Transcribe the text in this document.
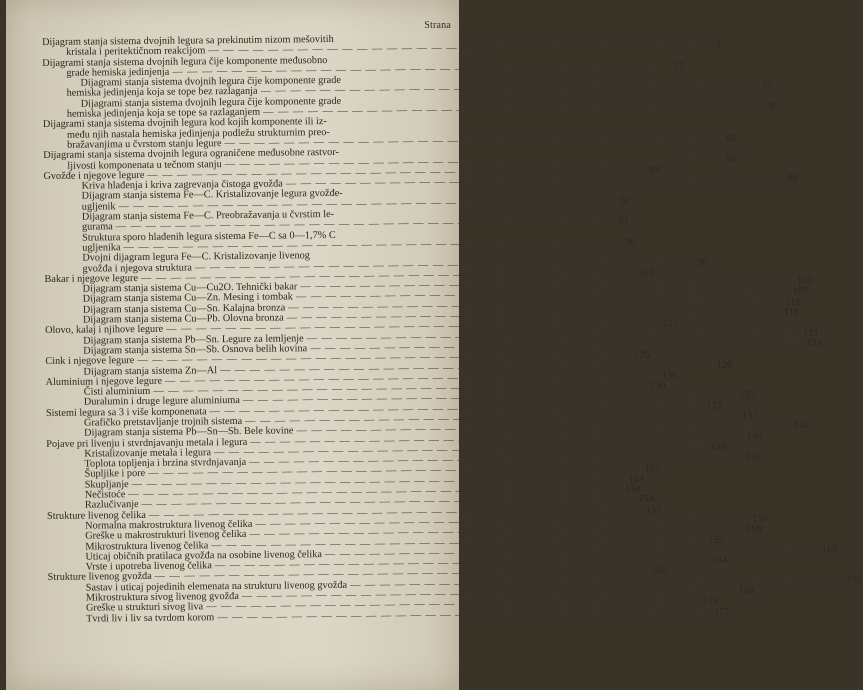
Strana
Dijagram stanja sistema dvojnih legura sa prekinutim nizom mešovitih
kristala i peritektičnom reakcijom — — —	73
Dijagrami stanja sistema dvojnih legura čije komponente međusobno
grade hemiska jedinjenja — — —	75
Dijagrami stanja sistema dvojnih legura čije komponente grade
hemiska jedinjenja koja se tope bez razlaganja — — —	75
Dijagrami stanja sistema dvojnih legura čije komponente grade
hemiska jedinjenja koja se tope sa razlaganjem — — —	78
Dijagrami stanja sistema dvojnih legura kod kojih komponente ili iz-
među njih nastala hemiska jedinjenja podležu strukturnim preo-
bražavanjima u čvrstom stanju legure — — —	82
Dijagrami stanja sistema dvojnih legura ograničene međusobne rastvor-
ljivosti komponenata u tečnom stanju — — —	86
Gvožđe i njegove legure — — —	89
Kriva hlađenja i kriva zagrevanja čistoga gvožđa — — —	89
Dijagram stanja sistema Fe—C. Kristalizovanje legura gvožđe-
ugljenik — — —	92
Dijagram stanja sistema Fe—C. Preobražavanja u čvrstim le-
gurama — — —	93
Struktura sporo hlađenih legura sistema Fe—C sa 0—1,7% C
ugljenika — — —	96
Dvojni dijagram legura Fe—C. Kristalizovanje livenog
gvožđa i njegova struktura — — —	98
Bakar i njegove legure — — —	103
Dijagram stanja sistema Cu—Cu2O. Tehnički bakar — — —	103
Dijagram stanja sistema Cu—Zn. Mesing i tombak — — —	107
Dijagram stanja sistema Cu—Sn. Kalajna bronza — — —	112
Dijagram stanja sistema Cu—Pb. Olovna bronza — — —	118
Olovo, kalaj i njihove legure — — —	121
Dijagram stanja sistema Pb—Sn. Legure za lemljenje — — —	121
Dijagram stanja sistema Sn—Sb. Osnova belih kovina — — —	124
Cink i njegove legure — — —	126
Dijagram stanja sistema Zn—Al — — —	126
Aluminium i njegove legure — — —	130
Čisti aluminium — — —	130
Duralumin i druge legure aluminiuma — — —	133
Sistemi legura sa 3 i više komponenata — — —	137
Grafičko pretstavljanje trojnih sistema — — —	137
Dijagram stanja sistema Pb—Sn—Sb. Bele kovine — — —	141
Pojave pri livenju i stvrdnjavanju metala i legura — — —	149
Kristalizovanje metala i legura — — —	149
Toplota topljenja i brzina stvrdnjavanja — — —	150
Šupljike i pore — — —	151
Skupljanje — — —	154
Nečistoće — — —	154
Razlučivanje — — —	154
Strukture livenog čelika — — —	155
Normalna makrostruktura livenog čelika — — —	155
Greške u makrostrukturi livenog čelika — — —	158
Mikrostruktura livenog čelika — — —	159
Uticaj običnih pratilaca gvožđa na osobine livenog čelika — — —	163
Vrste i upotreba livenog čelika — — —	164
Strukture livenog gvožđa — — —	165
Sastav i uticaj pojedinih elemenata na strukturu livenog gvožđa — — —	165
Mikrostruktura sivog livenog gvožđa — — —	168
Greške u strukturi sivog liva — — —	171
Tvrdi liv i liv sa tvrdom korom — — —	172
